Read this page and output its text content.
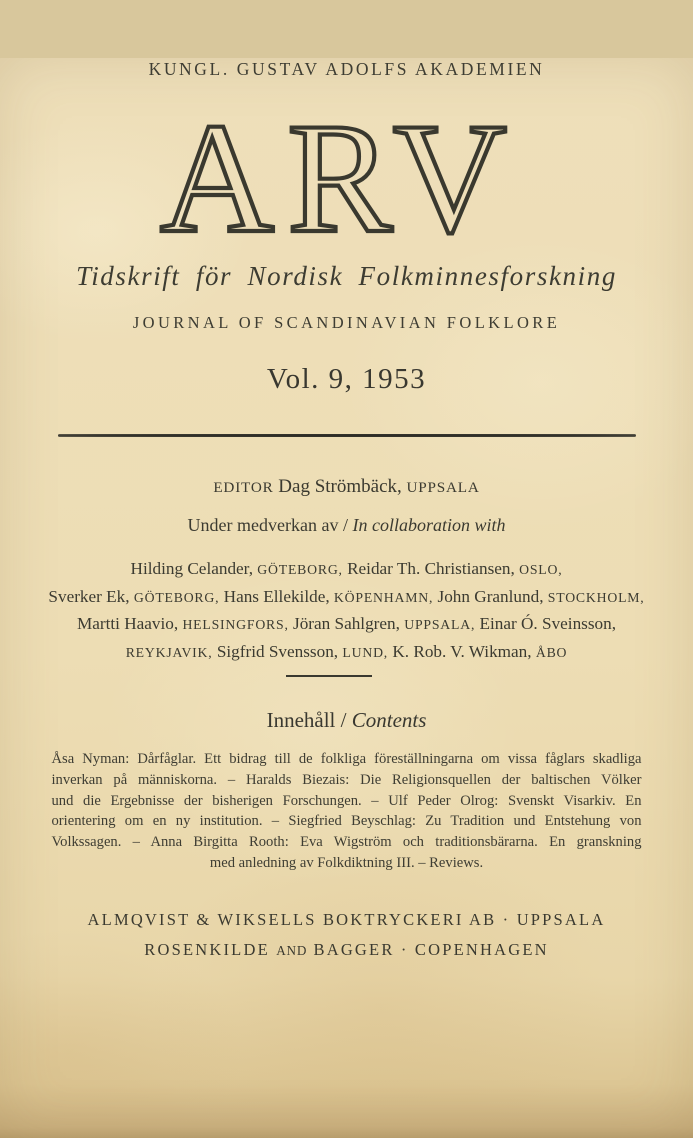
KUNGL. GUSTAV ADOLFS AKADEMIEN
ARV
Tidskrift för Nordisk Folkminnesforskning
JOURNAL OF SCANDINAVIAN FOLKLORE
Vol. 9, 1953
EDITOR Dag Strömbäck, UPPSALA
Under medverkan av / In collaboration with
Hilding Celander, GÖTEBORG, Reidar Th. Christiansen, OSLO,
Sverker Ek, GÖTEBORG, Hans Ellekilde, KÖPENHAMN, John Granlund, STOCKHOLM,
Martti Haavio, HELSINGFORS, Jöran Sahlgren, UPPSALA, Einar Ó. Sveinsson,
REYKJAVIK, Sigfrid Svensson, LUND, K. Rob. V. Wikman, ÅBO
Innehåll / Contents
Åsa Nyman: Dårfåglar. Ett bidrag till de folkliga föreställningarna om vissa fåglars skadliga
inverkan på människorna. – Haralds Biezais: Die Religionsquellen der baltischen Völker
und die Ergebnisse der bisherigen Forschungen. – Ulf Peder Olrog: Svenskt Visarkiv. En
orientering om en ny institution. – Siegfried Beyschlag: Zu Tradition und Entstehung von
Volkssagen. – Anna Birgitta Rooth: Eva Wigström och traditionsbärarna. En granskning
med anledning av Folkdiktning III. – Reviews.
ALMQVIST & WIKSELLS BOKTRYCKERI AB · UPPSALA
ROSENKILDE AND BAGGER · COPENHAGEN
